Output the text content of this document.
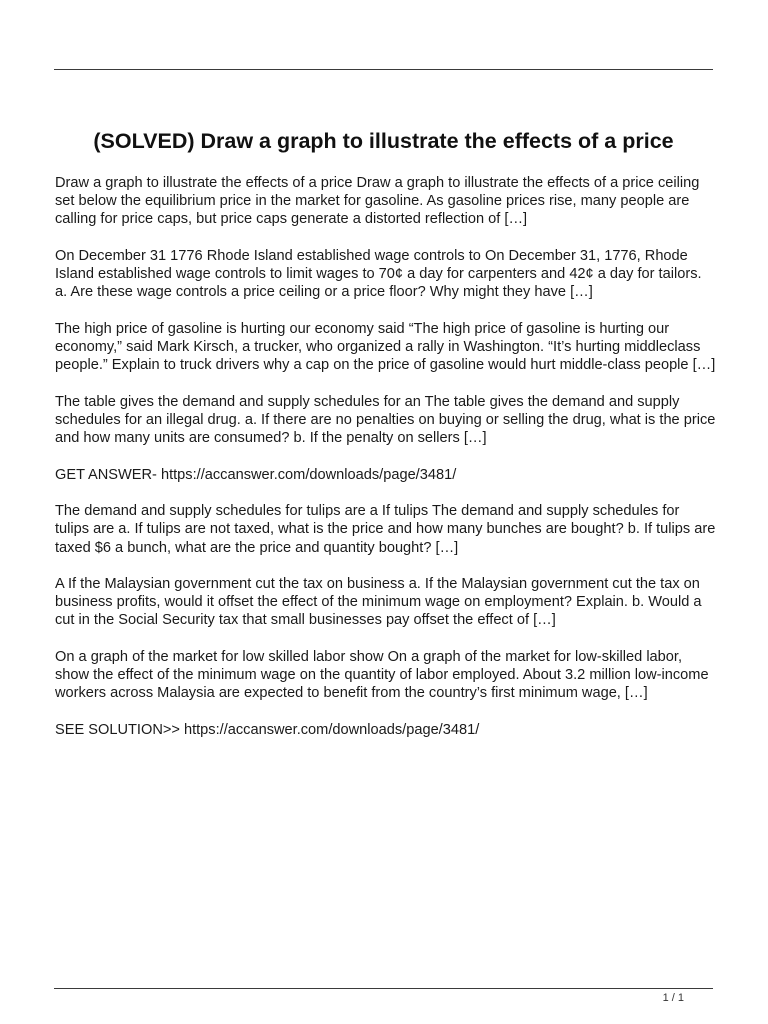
(SOLVED) Draw a graph to illustrate the effects of a price

Draw a graph to illustrate the effects of a price Draw a graph to illustrate the effects of a price ceiling set below the equilibrium price in the market for gasoline. As gasoline prices rise, many people are calling for price caps, but price caps generate a distorted reflection of […]

On December 31 1776 Rhode Island established wage controls to On December 31, 1776, Rhode Island established wage controls to limit wages to 70¢ a day for carpenters and 42¢ a day for tailors. a. Are these wage controls a price ceiling or a price floor? Why might they have […]

The high price of gasoline is hurting our economy said “The high price of gasoline is hurting our economy,” said Mark Kirsch, a trucker, who organized a rally in Washington. “It’s hurting middleclass people.” Explain to truck drivers why a cap on the price of gasoline would hurt middle-class people […]

The table gives the demand and supply schedules for an The table gives the demand and supply schedules for an illegal drug. a. If there are no penalties on buying or selling the drug, what is the price and how many units are consumed? b. If the penalty on sellers […]

GET ANSWER- https://accanswer.com/downloads/page/3481/

The demand and supply schedules for tulips are a If tulips The demand and supply schedules for tulips are a. If tulips are not taxed, what is the price and how many bunches are bought? b. If tulips are taxed $6 a bunch, what are the price and quantity bought? […]

A If the Malaysian government cut the tax on business a. If the Malaysian government cut the tax on business profits, would it offset the effect of the minimum wage on employment? Explain. b. Would a cut in the Social Security tax that small businesses pay offset the effect of […]

On a graph of the market for low skilled labor show On a graph of the market for low-skilled labor, show the effect of the minimum wage on the quantity of labor employed. About 3.2 million low-income workers across Malaysia are expected to benefit from the country’s first minimum wage, […]

SEE SOLUTION>> https://accanswer.com/downloads/page/3481/

1 / 1
